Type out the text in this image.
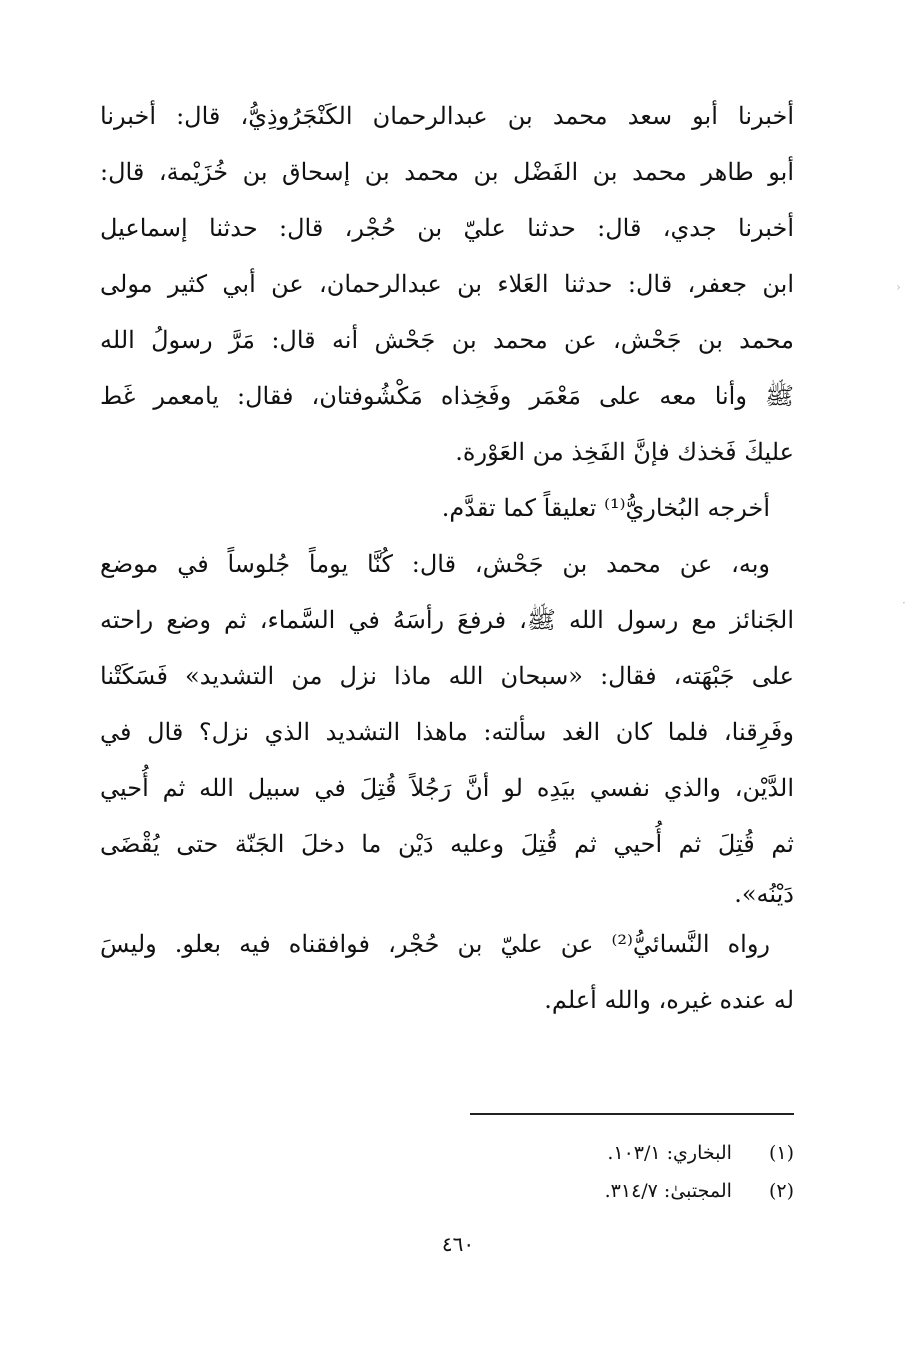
أخبرنا أبو سعد محمد بن عبدالرحمان الكَنْجَرُوذِيُّ، قال: أخبرنا
أبو طاهر محمد بن الفَضْل بن محمد بن إسحاق بن خُزَيْمة، قال:
أخبرنا جدي، قال: حدثنا عليّ بن حُجْر، قال: حدثنا إسماعيل
ابن جعفر، قال: حدثنا العَلاء بن عبدالرحمان، عن أبي كثير مولى
محمد بن جَحْش، عن محمد بن جَحْش أنه قال: مَرَّ رسولُ الله
ﷺ وأنا معه على مَعْمَر وفَخِذاه مَكْشُوفتان، فقال: يامعمر غَط
عليكَ فَخذك فإنَّ الفَخِذ من العَوْرة.
أخرجه البُخاريُّ⁽¹⁾ تعليقاً كما تقدَّم.
وبه، عن محمد بن جَحْش، قال: كُنَّا يوماً جُلوساً في موضع
الجَنائز مع رسول الله ﷺ، فرفعَ رأسَهُ في السَّماء، ثم وضع راحته
على جَبْهَته، فقال: «سبحان الله ماذا نزل من التشديد» فَسَكَتْنا
وفَرِقنا، فلما كان الغد سألته: ماهذا التشديد الذي نزل؟ قال في
الدَّيْن، والذي نفسي بيَدِه لو أنَّ رَجُلاً قُتِلَ في سبيل الله ثم أُحيي
ثم قُتِلَ ثم أُحيي ثم قُتِلَ وعليه دَيْن ما دخلَ الجَنّة حتى يُقْضَى
دَيْنُه».
رواه النَّسائيُّ⁽²⁾ عن عليّ بن حُجْر، فوافقناه فيه بعلو. وليسَ
له عنده غيره، والله أعلم.
(١) البخاري: ١٠٣/١.
(٢) المجتبىٰ: ٣١٤/٧.
٤٦٠
›
·
